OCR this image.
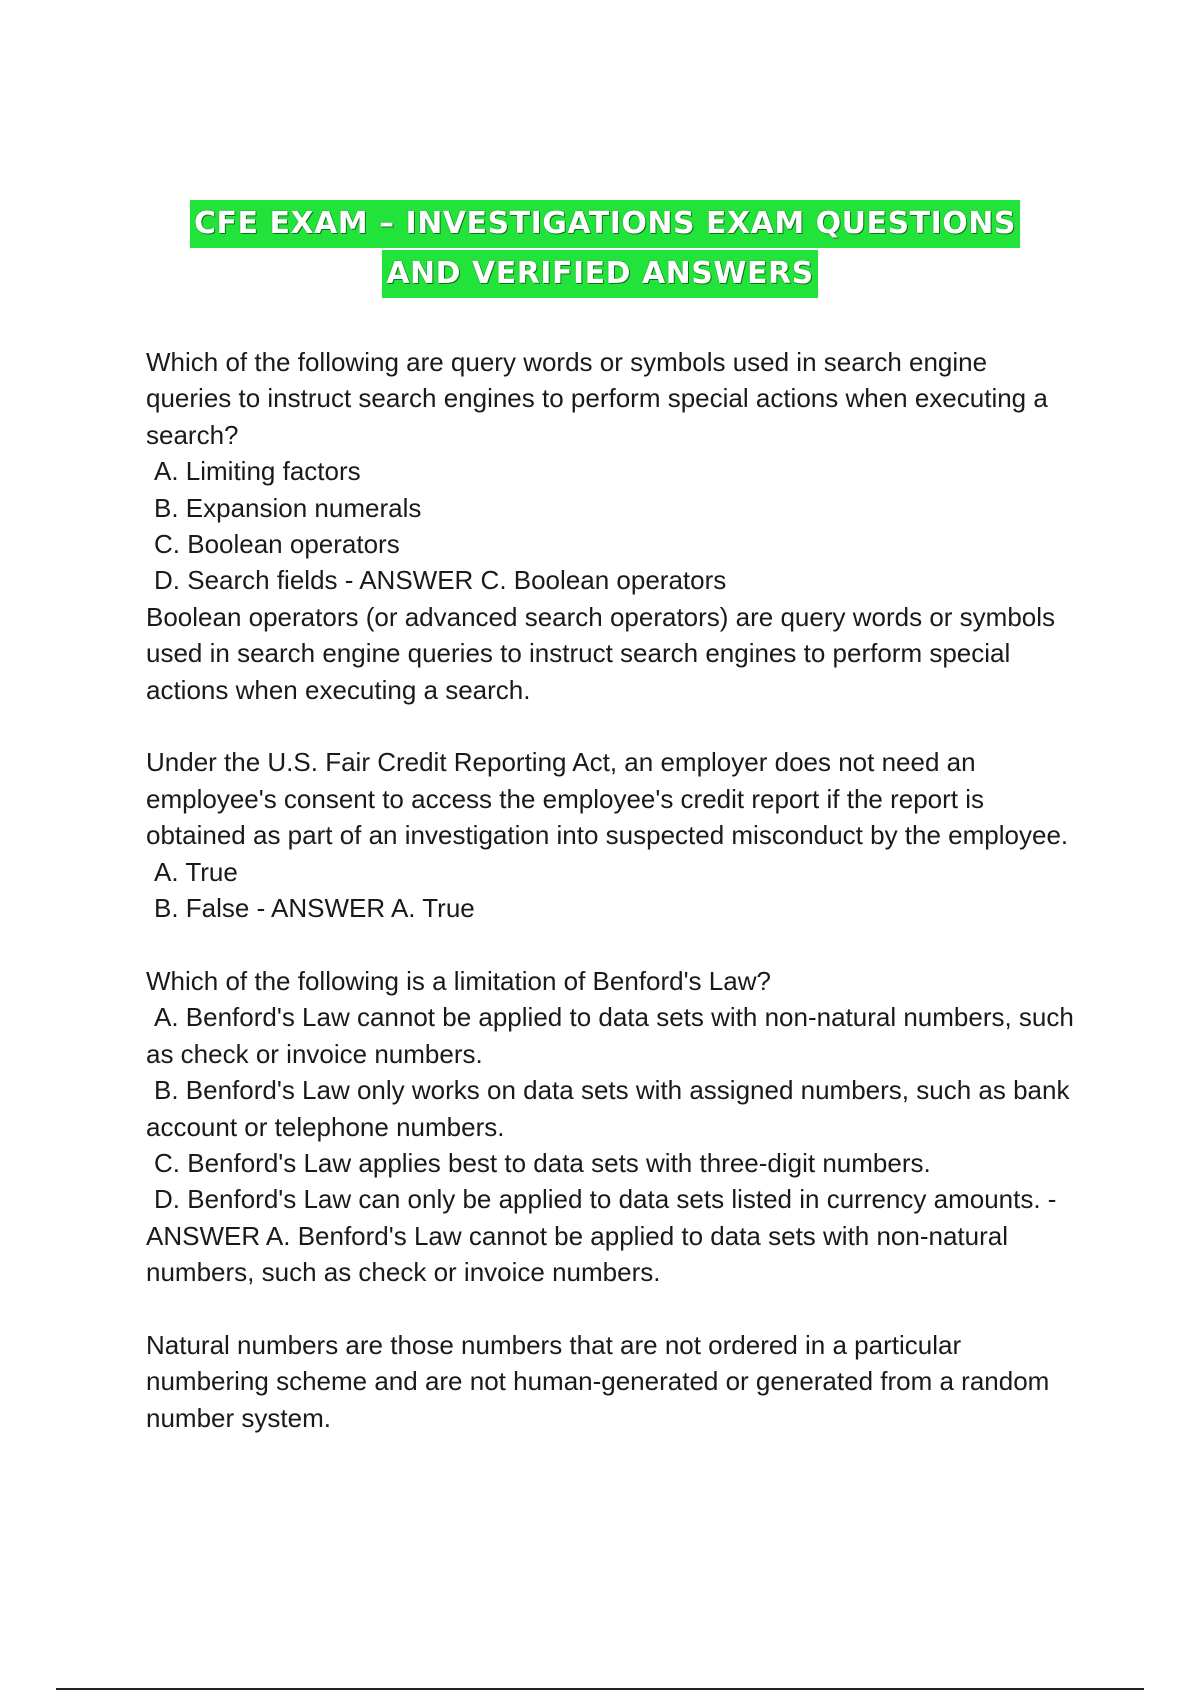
CFE EXAM – INVESTIGATIONS EXAM QUESTIONS
AND VERIFIED ANSWERS

Which of the following are query words or symbols used in search engine queries to instruct search engines to perform special actions when executing a search?

A. Limiting factors

B. Expansion numerals

C. Boolean operators

D. Search fields - ANSWER C. Boolean operators

Boolean operators (or advanced search operators) are query words or symbols used in search engine queries to instruct search engines to perform special actions when executing a search.

Under the U.S. Fair Credit Reporting Act, an employer does not need an employee's consent to access the employee's credit report if the report is obtained as part of an investigation into suspected misconduct by the employee.

A. True

B. False - ANSWER A. True

Which of the following is a limitation of Benford's Law?

A. Benford's Law cannot be applied to data sets with non-natural numbers, such as check or invoice numbers.

B. Benford's Law only works on data sets with assigned numbers, such as bank account or telephone numbers.

C. Benford's Law applies best to data sets with three-digit numbers.

D. Benford's Law can only be applied to data sets listed in currency amounts. - ANSWER A. Benford's Law cannot be applied to data sets with non-natural numbers, such as check or invoice numbers.

Natural numbers are those numbers that are not ordered in a particular numbering scheme and are not human-generated or generated from a random number system.
